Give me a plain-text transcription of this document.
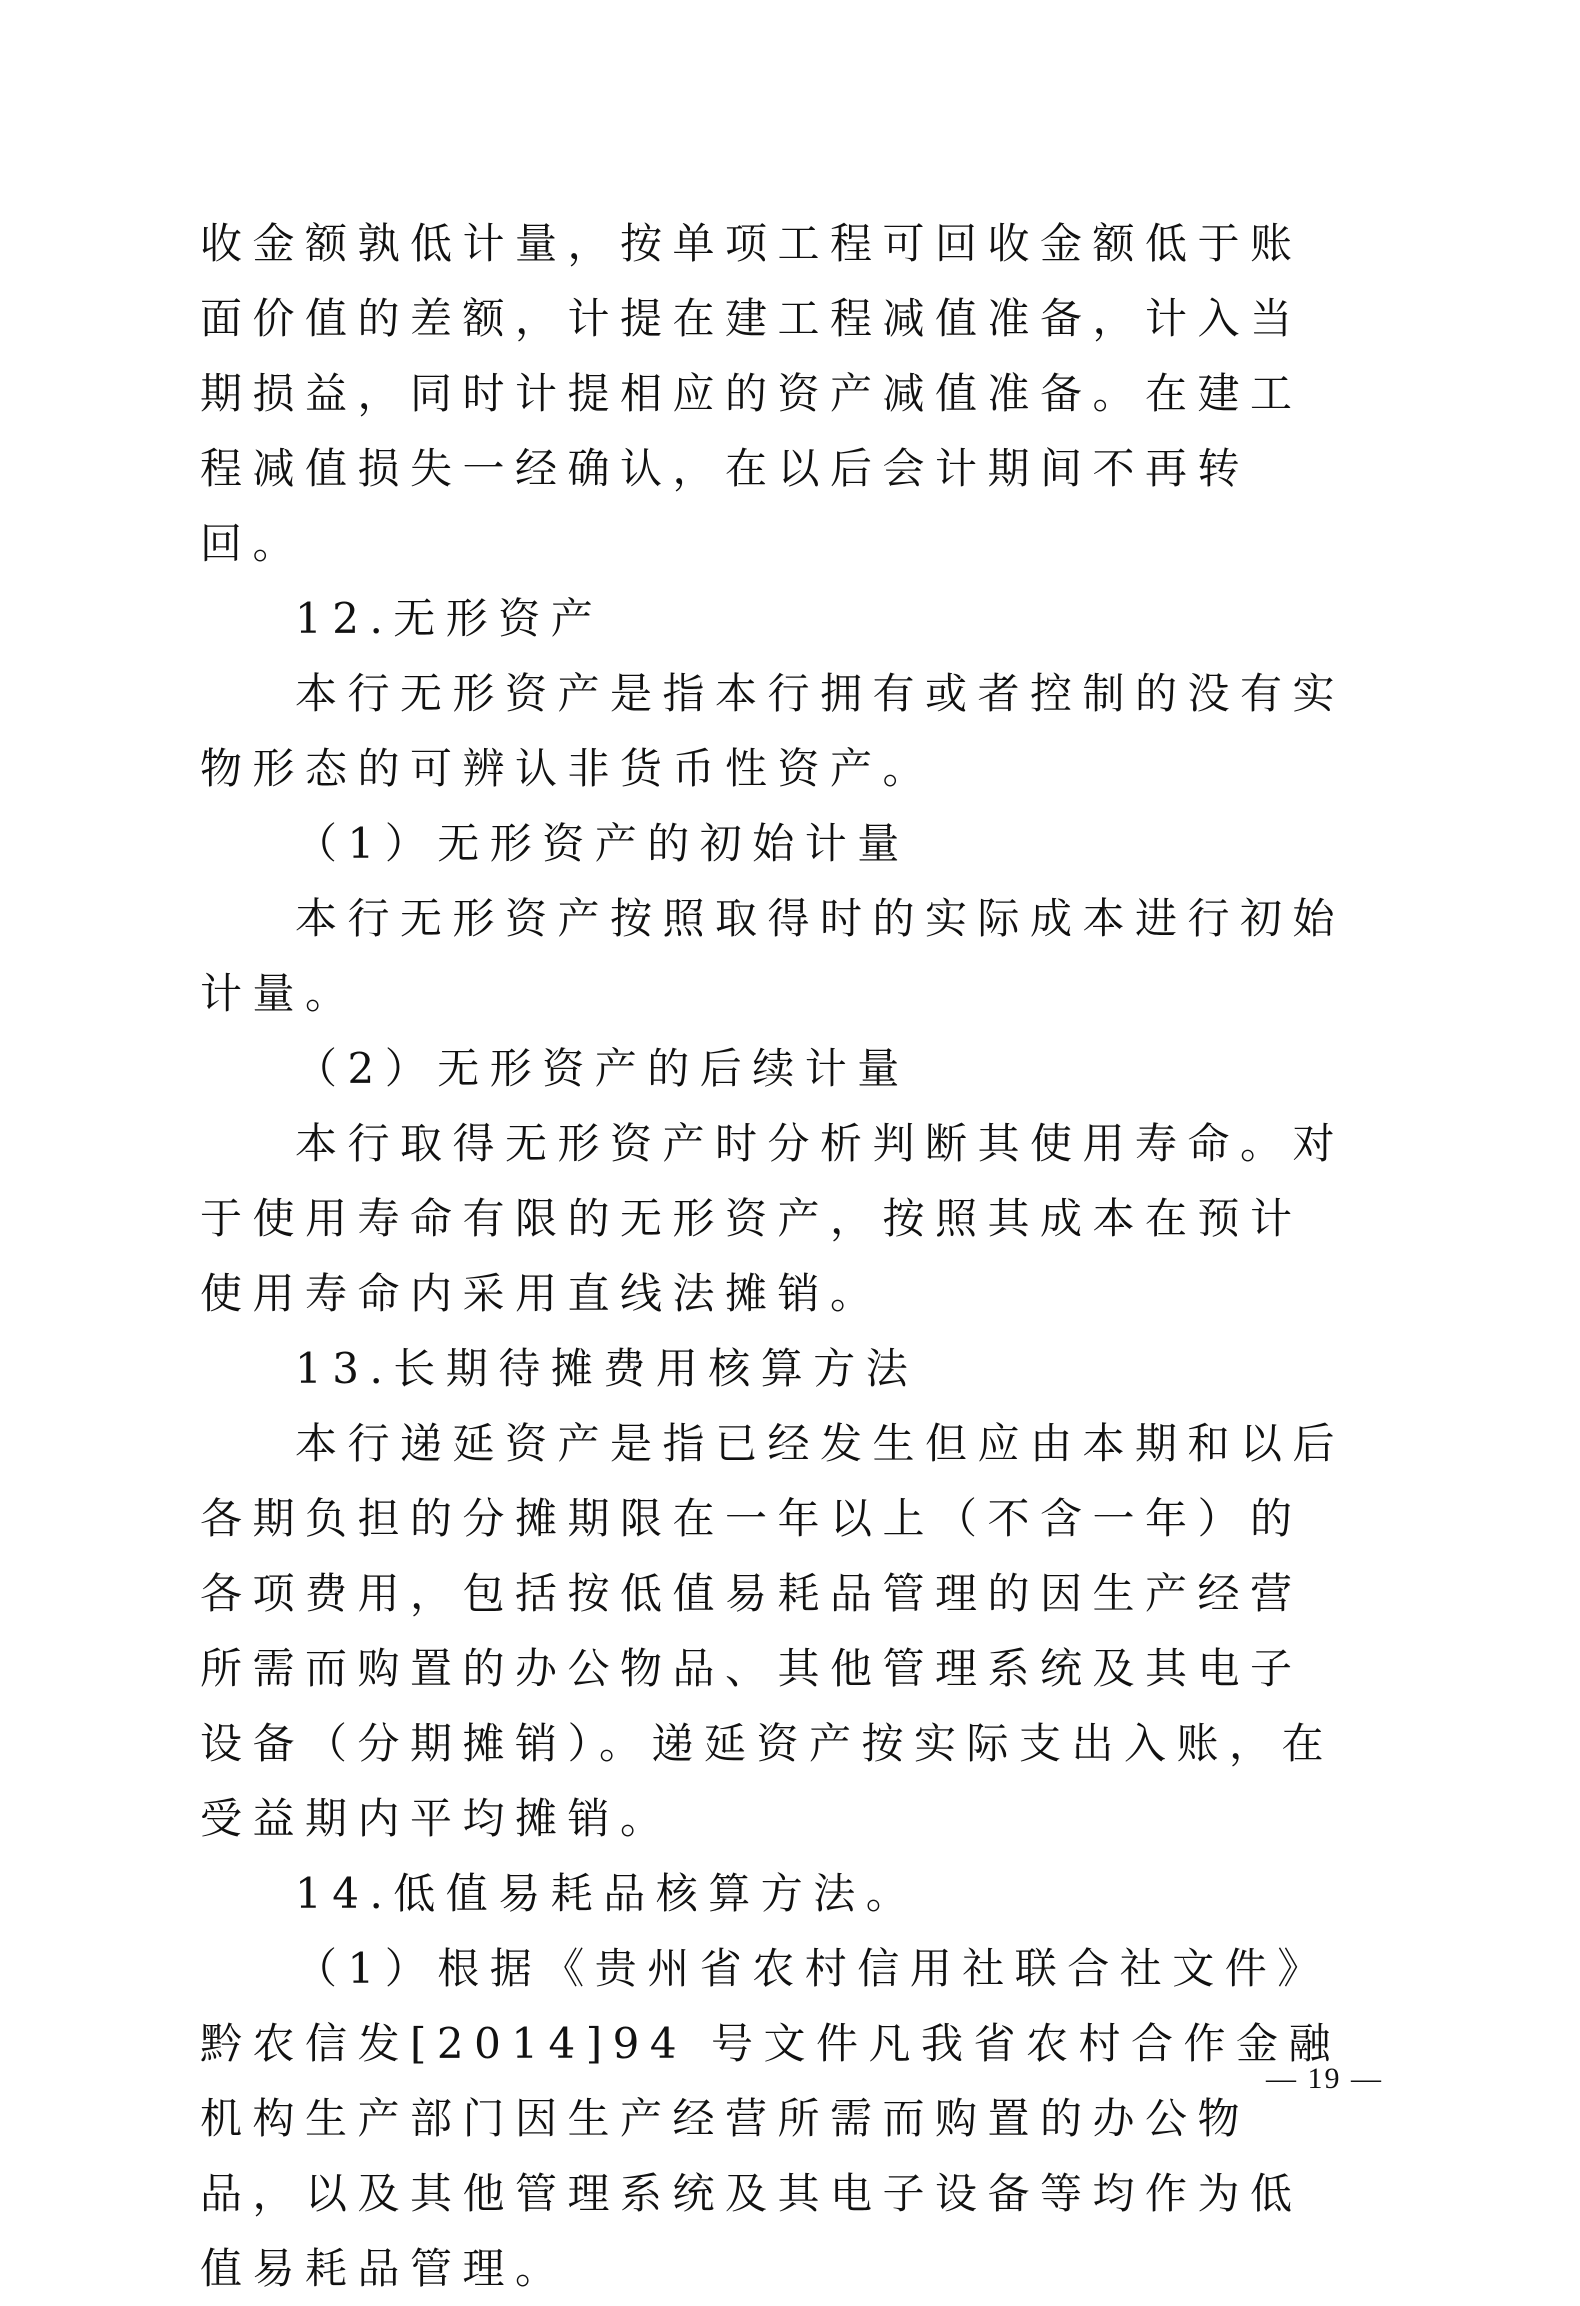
收金额孰低计量，按单项工程可回收金额低于账面价值的差额，计提在建工程减值准备，计入当期损益，同时计提相应的资产减值准备。在建工程减值损失一经确认，在以后会计期间不再转回。

12.无形资产

本行无形资产是指本行拥有或者控制的没有实物形态的可辨认非货币性资产。

（1）无形资产的初始计量

本行无形资产按照取得时的实际成本进行初始计量。

（2）无形资产的后续计量

本行取得无形资产时分析判断其使用寿命。对于使用寿命有限的无形资产，按照其成本在预计使用寿命内采用直线法摊销。

13.长期待摊费用核算方法

本行递延资产是指已经发生但应由本期和以后各期负担的分摊期限在一年以上（不含一年）的各项费用，包括按低值易耗品管理的因生产经营所需而购置的办公物品、其他管理系统及其电子设备（分期摊销）。递延资产按实际支出入账，在受益期内平均摊销。

14.低值易耗品核算方法。

（1）根据《贵州省农村信用社联合社文件》黔农信发[2014]94 号文件凡我省农村合作金融机构生产部门因生产经营所需而购置的办公物品，以及其他管理系统及其电子设备等均作为低值易耗品管理。

— 19 —
